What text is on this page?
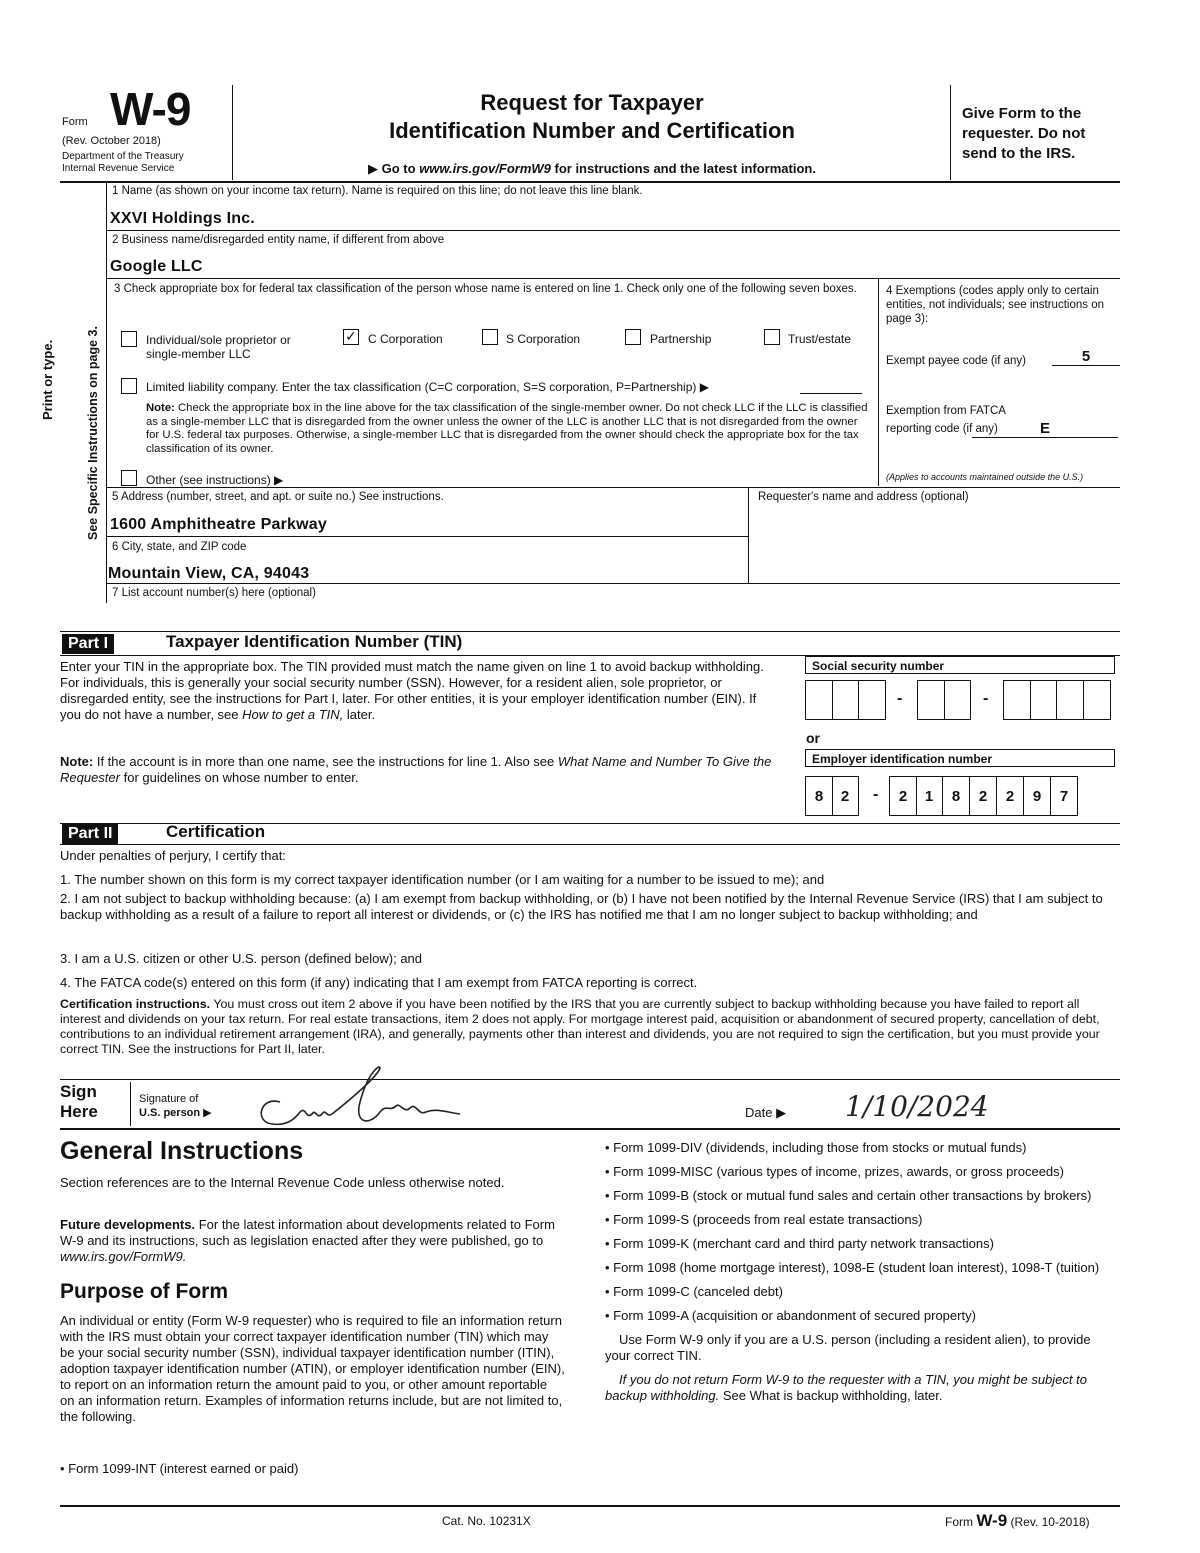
Form W-9
(Rev. October 2018)
Department of the Treasury
Internal Revenue Service
Request for Taxpayer
Identification Number and Certification
▶ Go to www.irs.gov/FormW9 for instructions and the latest information.
Give Form to the requester. Do not send to the IRS.
Print or type. See Specific Instructions on page 3.
1 Name (as shown on your income tax return). Name is required on this line; do not leave this line blank.
XXVI Holdings Inc.
2 Business name/disregarded entity name, if different from above
Google LLC
3 Check appropriate box for federal tax classification of the person whose name is entered on line 1. Check only one of the following seven boxes.
Individual/sole proprietor or single-member LLC
✓ C Corporation	S Corporation	Partnership	Trust/estate
Limited liability company. Enter the tax classification (C=C corporation, S=S corporation, P=Partnership) ▶
Note: Check the appropriate box in the line above for the tax classification of the single-member owner. Do not check LLC if the LLC is classified as a single-member LLC that is disregarded from the owner unless the owner of the LLC is another LLC that is not disregarded from the owner for U.S. federal tax purposes. Otherwise, a single-member LLC that is disregarded from the owner should check the appropriate box for the tax classification of its owner.
Other (see instructions) ▶
4 Exemptions (codes apply only to certain entities, not individuals; see instructions on page 3):
Exempt payee code (if any)	5
Exemption from FATCA reporting code (if any)	E
(Applies to accounts maintained outside the U.S.)
5 Address (number, street, and apt. or suite no.) See instructions.
1600 Amphitheatre Parkway
Requester's name and address (optional)
6 City, state, and ZIP code
Mountain View, CA, 94043
7 List account number(s) here (optional)
Part I	Taxpayer Identification Number (TIN)
Enter your TIN in the appropriate box. The TIN provided must match the name given on line 1 to avoid backup withholding. For individuals, this is generally your social security number (SSN). However, for a resident alien, sole proprietor, or disregarded entity, see the instructions for Part I, later. For other entities, it is your employer identification number (EIN). If you do not have a number, see How to get a TIN, later.
Note: If the account is in more than one name, see the instructions for line 1. Also see What Name and Number To Give the Requester for guidelines on whose number to enter.
Social security number
-	-
or
Employer identification number
8	2	-	2	1	8	2	2	9	7
Part II	Certification
Under penalties of perjury, I certify that:
1. The number shown on this form is my correct taxpayer identification number (or I am waiting for a number to be issued to me); and
2. I am not subject to backup withholding because: (a) I am exempt from backup withholding, or (b) I have not been notified by the Internal Revenue Service (IRS) that I am subject to backup withholding as a result of a failure to report all interest or dividends, or (c) the IRS has notified me that I am no longer subject to backup withholding; and
3. I am a U.S. citizen or other U.S. person (defined below); and
4. The FATCA code(s) entered on this form (if any) indicating that I am exempt from FATCA reporting is correct.
Certification instructions. You must cross out item 2 above if you have been notified by the IRS that you are currently subject to backup withholding because you have failed to report all interest and dividends on your tax return. For real estate transactions, item 2 does not apply. For mortgage interest paid, acquisition or abandonment of secured property, cancellation of debt, contributions to an individual retirement arrangement (IRA), and generally, payments other than interest and dividends, you are not required to sign the certification, but you must provide your correct TIN. See the instructions for Part II, later.
Sign
Here
Signature of
U.S. person ▶	Date ▶ 1/10/2024
General Instructions
Section references are to the Internal Revenue Code unless otherwise noted.
Future developments. For the latest information about developments related to Form W-9 and its instructions, such as legislation enacted after they were published, go to www.irs.gov/FormW9.
Purpose of Form
An individual or entity (Form W-9 requester) who is required to file an information return with the IRS must obtain your correct taxpayer identification number (TIN) which may be your social security number (SSN), individual taxpayer identification number (ITIN), adoption taxpayer identification number (ATIN), or employer identification number (EIN), to report on an information return the amount paid to you, or other amount reportable on an information return. Examples of information returns include, but are not limited to, the following.
• Form 1099-INT (interest earned or paid)
• Form 1099-DIV (dividends, including those from stocks or mutual funds)
• Form 1099-MISC (various types of income, prizes, awards, or gross proceeds)
• Form 1099-B (stock or mutual fund sales and certain other transactions by brokers)
• Form 1099-S (proceeds from real estate transactions)
• Form 1099-K (merchant card and third party network transactions)
• Form 1098 (home mortgage interest), 1098-E (student loan interest), 1098-T (tuition)
• Form 1099-C (canceled debt)
• Form 1099-A (acquisition or abandonment of secured property)
Use Form W-9 only if you are a U.S. person (including a resident alien), to provide your correct TIN.
If you do not return Form W-9 to the requester with a TIN, you might be subject to backup withholding. See What is backup withholding, later.
Cat. No. 10231X	Form W-9 (Rev. 10-2018)
